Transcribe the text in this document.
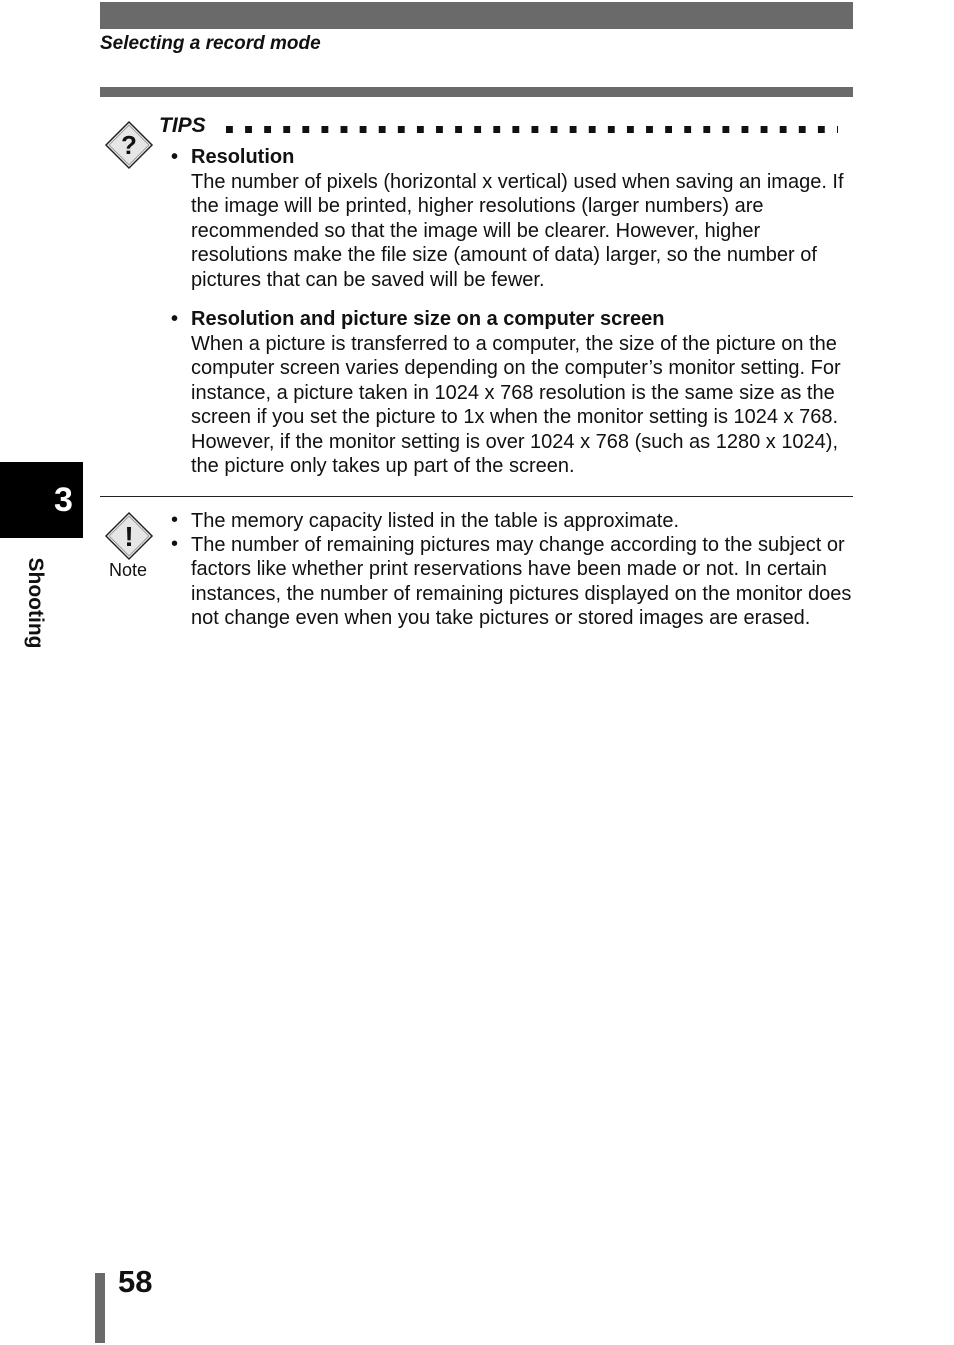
Selecting a record mode
3
Shooting
?
TIPS
• Resolution
The number of pixels (horizontal x vertical) used when saving an image. If the image will be printed, higher resolutions (larger numbers) are recommended so that the image will be clearer. However, higher resolutions make the file size (amount of data) larger, so the number of pictures that can be saved will be fewer.
• Resolution and picture size on a computer screen
When a picture is transferred to a computer, the size of the picture on the computer screen varies depending on the computer’s monitor setting. For instance, a picture taken in 1024 x 768 resolution is the same size as the screen if you set the picture to 1x when the monitor setting is 1024 x 768. However, if the monitor setting is over 1024 x 768 (such as 1280 x 1024), the picture only takes up part of the screen.
!
Note
• The memory capacity listed in the table is approximate.
• The number of remaining pictures may change according to the subject or factors like whether print reservations have been made or not. In certain instances, the number of remaining pictures displayed on the monitor does not change even when you take pictures or stored images are erased.
58
